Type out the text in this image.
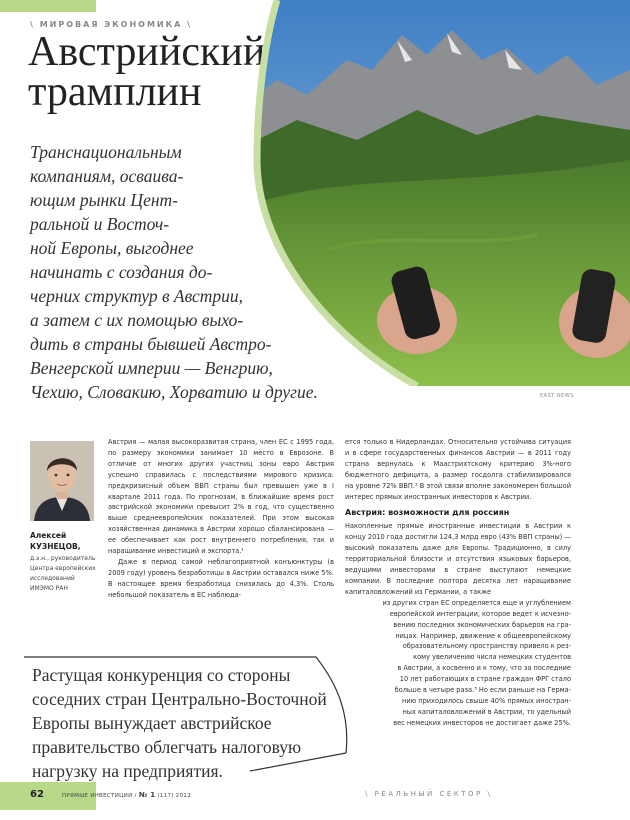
\ МИРОВАЯ ЭКОНОМИКА \
Австрийский
трамплин
EAST NEWS
Транснациональным
компаниям, осваива-
ющим рынки Цент-
ральной и Восточ-
ной Европы, выгоднее
начинать с создания до-
черних структур в Австрии,
а затем с их помощью выхо-
дить в страны бывшей Австро-
Венгерской империи — Венгрию,
Чехию, Словакию, Хорватию и другие.
Алексей
КУЗНЕЦОВ,
д.э.н., руководитель
Центра европейских
исследований
ИМЭМО РАН

Австрия — малая высокоразвитая страна, член ЕС с 1995 года, по размеру экономики занимает 10 место в Еврозоне. В отличие от многих других участниц зоны евро Австрия успешно справилась с последствиями мирового кризиса: предкризисный объем ВВП страны был превышен уже в I квартале 2011 года. По прогнозам, в ближайшие время рост австрийской экономики превысит 2% в год, что существенно выше среднеевропейских показателей. При этом высокая хозяйственная динамика в Австрии хорошо сбалансирована — ее обеспечивает как рост внутреннего потребления, так и наращивание инвестиций и экспорта.¹

Даже в период самой неблагоприятной конъюнктуры (в 2009 году) уровень безработицы в Австрии оставался ниже 5%. В настоящее время безработица снизилась до 4,3%. Столь небольшой показатель в ЕС наблюда-

ется только в Нидерландах. Относительно устойчива ситуация и в сфере государственных финансов Австрии — в 2011 году страна вернулась к Маастрихтскому критерию 3%-ного бюджетного дефицита, а размер госдолга стабилизировался на уровне 72% ВВП.² В этой связи вполне закономерен большой интерес прямых иностранных инвесторов к Австрии.

Австрия: возможности для россиян

Накопленные прямые иностранные инвестиции в Австрии к концу 2010 года достигли 124,3 млрд евро (43% ВВП страны) — высокий показатель даже для Европы. Традиционно, в силу территориальной близости и отсутствия языковых барьеров, ведущими инвесторами в стране выступают немецкие компании. В последние полтора десятка лет наращивание капиталовложений из Германии, а также

из других стран ЕС определяется еще и углублением
европейской интеграции, которое ведет к исчезно-
вению последних экономических барьеров на гра-
ницах. Например, движение к общеевропейскому
образовательному пространству привело к рез-
кому увеличению числа немецких студентов
в Австрии, а косвенно и к тому, что за последние
10 лет работающих в стране граждан ФРГ стало
больше в четыре раза.³ Но если раньше на Герма-
нию приходилось свыше 40% прямых иностран-
ных капиталовложений в Австрии, то удельный
вес немецких инвесторов не достигает даже 25%.
Растущая конкуренция со стороны
соседних стран Центрально-Восточной
Европы вынуждает австрийское
правительство облегчать налоговую
нагрузку на предприятия.
62	ПРЯМЫЕ ИНВЕСТИЦИИ / № 1 (117) 2012	\ РЕАЛЬНЫЙ СЕКТОР \
